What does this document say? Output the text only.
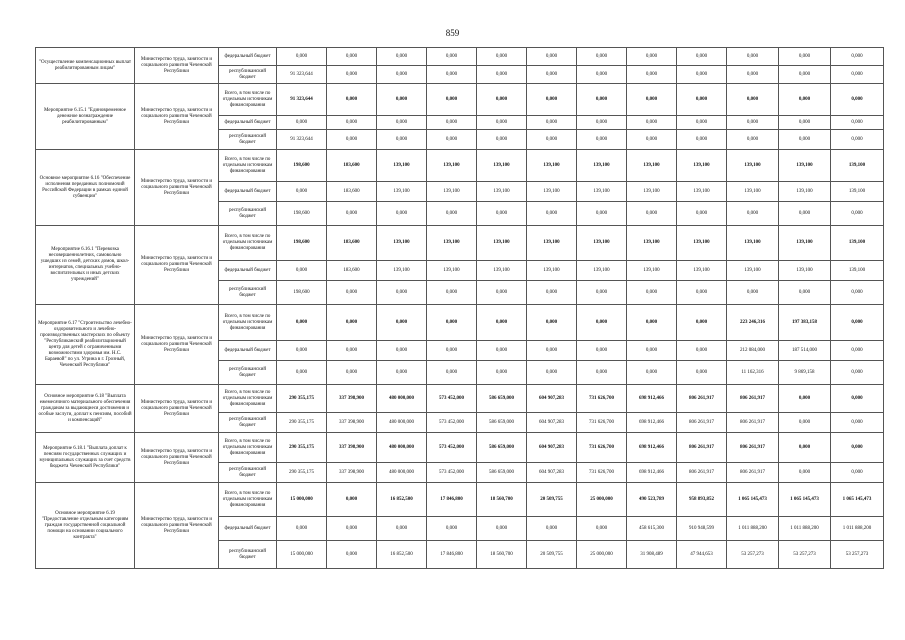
859
"Осуществление компенсационных выплат реабилитированным лицам"	Министерство труда, занятости и социального развития Чеченской Республики	федеральный бюджет	0,000	0,000	0,000	0,000	0,000	0,000	0,000	0,000	0,000	0,000	0,000	0,000
		республиканский бюджет	91 323,644	0,000	0,000	0,000	0,000	0,000	0,000	0,000	0,000	0,000	0,000	0,000
Мероприятие 6.15.1 "Единовременное денежное вознаграждение реабилитированным"	Министерство труда, занятости и социального развития Чеченской Республики	Всего, в том числе по отдельным источникам финансирования	91 323,644	0,000	0,000	0,000	0,000	0,000	0,000	0,000	0,000	0,000	0,000	0,000
		федеральный бюджет	0,000	0,000	0,000	0,000	0,000	0,000	0,000	0,000	0,000	0,000	0,000	0,000
		республиканский бюджет	91 323,644	0,000	0,000	0,000	0,000	0,000	0,000	0,000	0,000	0,000	0,000	0,000
Основное мероприятие 6.16 "Обеспечение исполнения переданных полномочий Российской Федерации в рамках единой субвенции"	Министерство труда, занятости и социального развития Чеченской Республики	Всего, в том числе по отдельным источникам финансирования	198,600	183,600	139,100	139,100	139,100	139,100	139,100	139,100	139,100	139,100	139,100	139,100
		федеральный бюджет	0,000	183,600	139,100	139,100	139,100	139,100	139,100	139,100	139,100	139,100	139,100	139,100
		республиканский бюджет	198,600	0,000	0,000	0,000	0,000	0,000	0,000	0,000	0,000	0,000	0,000	0,000
Мероприятие 6.16.1 "Перевозка несовершеннолетних, самовольно ушедших из семей, детских домов, школ-интернатов, специальных учебно-воспитательных и иных детских учреждений"	Министерство труда, занятости и социального развития Чеченской Республики	Всего, в том числе по отдельным источникам финансирования	198,600	183,600	139,100	139,100	139,100	139,100	139,100	139,100	139,100	139,100	139,100	139,100
		федеральный бюджет	0,000	183,600	139,100	139,100	139,100	139,100	139,100	139,100	139,100	139,100	139,100	139,100
		республиканский бюджет	198,600	0,000	0,000	0,000	0,000	0,000	0,000	0,000	0,000	0,000	0,000	0,000
Мероприятие 6.17 "Строительство лечебно-оздоровительного и лечебно-производственных мастерских по объекту "Республиканский реабилитационный центр для детей с ограниченными возможностями здоровья им. Н.С. Бараевой" по ул. Угрина в г. Грозный, Чеченской Республики"	Министерство труда, занятости и социального развития Чеченской Республики	Всего, в том числе по отдельным источникам финансирования	0,000	0,000	0,000	0,000	0,000	0,000	0,000	0,000	0,000	223 246,316	197 383,158	0,000
		федеральный бюджет	0,000	0,000	0,000	0,000	0,000	0,000	0,000	0,000	0,000	212 084,000	187 514,000	0,000
		республиканский бюджет	0,000	0,000	0,000	0,000	0,000	0,000	0,000	0,000	0,000	11 162,316	9 869,158	0,000
Основное мероприятие 6.18 "Выплата ежемесячного материального обеспечения гражданам за выдающиеся достижения и особые заслуги, доплат к пенсиям, пособий и компенсаций"	Министерство труда, занятости и социального развития Чеченской Республики	Всего, в том числе по отдельным источникам финансирования	290 355,175	337 398,900	480 000,000	573 452,000	586 659,000	604 907,283	731 626,700	698 912,466	806 261,917	806 261,917	0,000	0,000
		республиканский бюджет	290 355,175	337 398,900	480 000,000	573 452,000	586 659,000	604 907,283	731 626,700	698 912,466	806 261,917	806 261,917	0,000	0,000
Мероприятие 6.18.1 "Выплата доплат к пенсиям государственных служащих и муниципальных служащих за счет средств бюджета Чеченской Республики"	Министерство труда, занятости и социального развития Чеченской Республики	Всего, в том числе по отдельным источникам финансирования	290 355,175	337 398,900	480 000,000	573 452,000	586 659,000	604 907,283	731 626,700	698 912,466	806 261,917	806 261,917	0,000	0,000
		республиканский бюджет	290 355,175	337 398,900	480 000,000	573 452,000	586 659,000	604 907,283	731 626,700	698 912,466	806 261,917	806 261,917	0,000	0,000
Основное мероприятие 6.19 "Предоставление отдельным категориям граждан государственной социальной помощи на основании социального контракта"	Министерство труда, занятости и социального развития Чеченской Республики	Всего, в том числе по отдельным источникам финансирования	15 000,000	0,000	16 852,500	17 846,800	18 560,700	20 509,755	25 000,000	490 523,789	958 893,852	1 065 145,473	1 065 145,473	1 065 145,473
		федеральный бюджет	0,000	0,000	0,000	0,000	0,000	0,000	0,000	458 615,300	910 948,599	1 011 888,200	1 011 888,200	1 011 888,200
		республиканский бюджет	15 000,000	0,000	16 852,500	17 846,800	18 560,700	20 509,755	25 000,000	31 908,489	47 944,653	53 257,273	53 257,273	53 257,273
